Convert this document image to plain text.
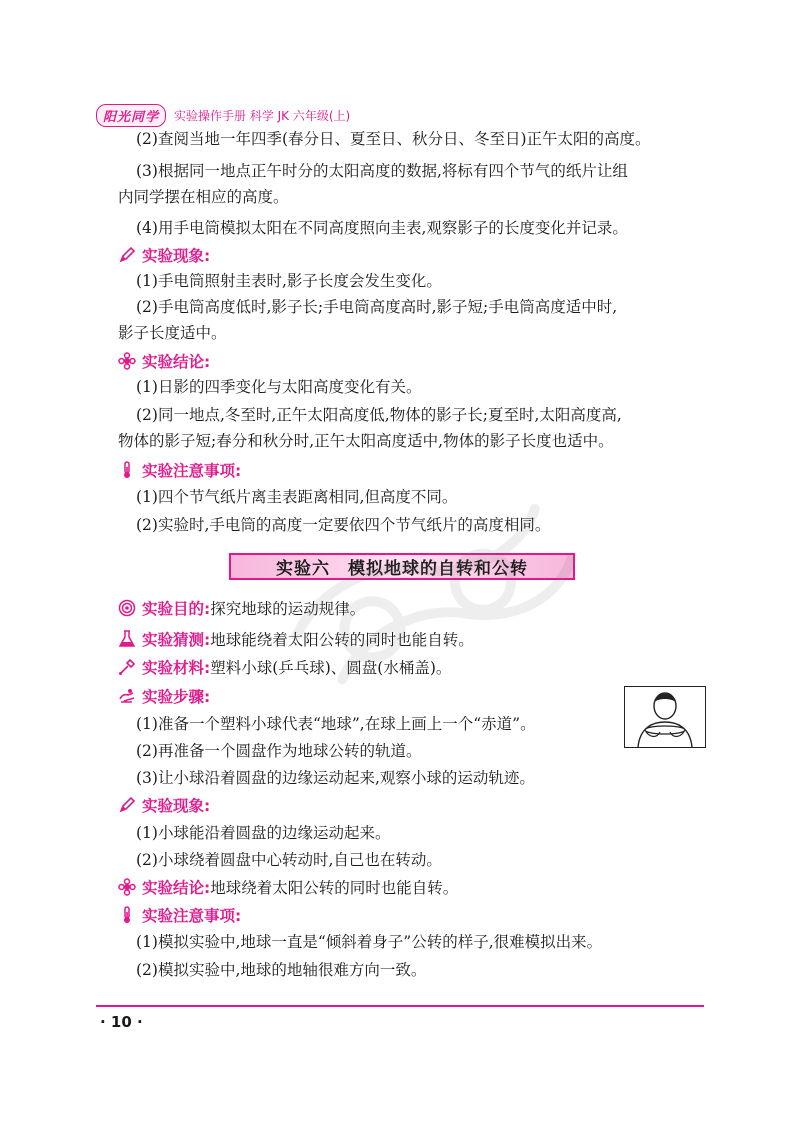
阳光同学	实验操作手册 科学 JK 六年级(上)
(2)查阅当地一年四季(春分日、夏至日、秋分日、冬至日)正午太阳的高度。
(3)根据同一地点正午时分的太阳高度的数据,将标有四个节气的纸片让组
内同学摆在相应的高度。
(4)用手电筒模拟太阳在不同高度照向圭表,观察影子的长度变化并记录。
实验现象:
(1)手电筒照射圭表时,影子长度会发生变化。
(2)手电筒高度低时,影子长;手电筒高度高时,影子短;手电筒高度适中时,
影子长度适中。
实验结论:
(1)日影的四季变化与太阳高度变化有关。
(2)同一地点,冬至时,正午太阳高度低,物体的影子长;夏至时,太阳高度高,
物体的影子短;春分和秋分时,正午太阳高度适中,物体的影子长度也适中。
实验注意事项:
(1)四个节气纸片离圭表距离相同,但高度不同。
(2)实验时,手电筒的高度一定要依四个节气纸片的高度相同。
实验六　模拟地球的自转和公转
实验目的: 探究地球的运动规律。
实验猜测: 地球能绕着太阳公转的同时也能自转。
实验材料: 塑料小球(乒乓球)、圆盘(水桶盖)。
实验步骤:
(1)准备一个塑料小球代表“地球”,在球上画上一个“赤道”。
(2)再准备一个圆盘作为地球公转的轨道。
(3)让小球沿着圆盘的边缘运动起来,观察小球的运动轨迹。
实验现象:
(1)小球能沿着圆盘的边缘运动起来。
(2)小球绕着圆盘中心转动时,自己也在转动。
实验结论: 地球绕着太阳公转的同时也能自转。
实验注意事项:
(1)模拟实验中,地球一直是“倾斜着身子”公转的样子,很难模拟出来。
(2)模拟实验中,地球的地轴很难方向一致。
· 10 ·
